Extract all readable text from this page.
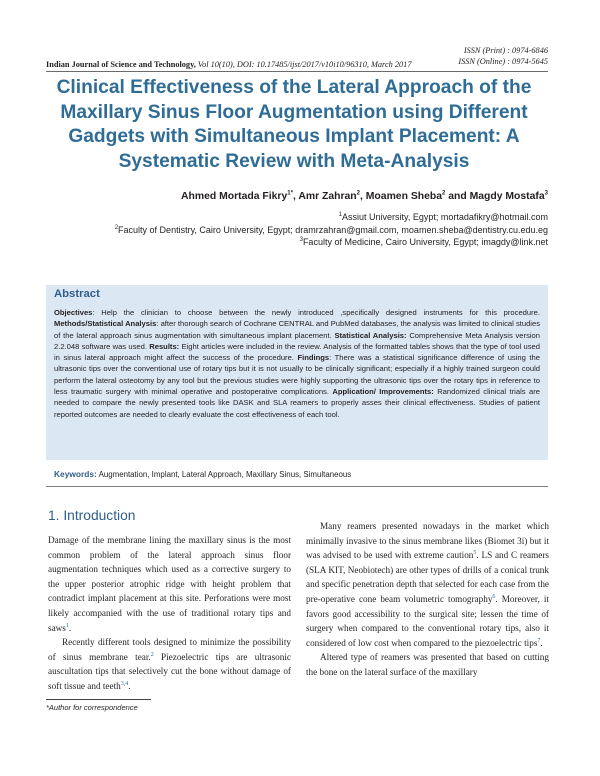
Indian Journal of Science and Technology, Vol 10(10), DOI: 10.17485/ijst/2017/v10i10/96310, March 2017
ISSN (Print) : 0974-6846
ISSN (Online) : 0974-5645
Clinical Effectiveness of the Lateral Approach of the Maxillary Sinus Floor Augmentation using Different Gadgets with Simultaneous Implant Placement: A Systematic Review with Meta-Analysis
Ahmed Mortada Fikry$^{1*}$, Amr Zahran$^2$, Moamen Sheba$^2$ and Magdy Mostafa$^3$
$^1$Assiut University, Egypt; mortadafikry@hotmail.com
$^2$Faculty of Dentistry, Cairo University, Egypt; dramrzahran@gmail.com, moamen.sheba@dentistry.cu.edu.eg
$^3$Faculty of Medicine, Cairo University, Egypt; imagdy@link.net
Abstract

Objectives: Help the clinician to choose between the newly introduced ,specifically designed instruments for this procedure. Methods/Statistical Analysis: after thorough search of Cochrane CENTRAL and PubMed databases, the analysis was limited to clinical studies of the lateral approach sinus augmentation with simultaneous implant placement. Statistical Analysis: Comprehensive Meta Analysis version 2.2.048 software was used. Results: Eight articles were included in the review. Analysis of the formatted tables shows that the type of tool used in sinus lateral approach might affect the success of the procedure. Findings: There was a statistical significance difference of using the ultrasonic tips over the conventional use of rotary tips but it is not usually to be clinically significant; especially if a highly trained surgeon could perform the lateral osteotomy by any tool but the previous studies were highly supporting the ultrasonic tips over the rotary tips in reference to less traumatic surgery with minimal operative and postoperative complications. Application/ Improvements: Randomized clinical trials are needed to compare the newly presented tools like DASK and SLA reamers to properly asses their clinical effectiveness. Studies of patient reported outcomes are needed to clearly evaluate the cost effectiveness of each tool.

Keywords: Augmentation, Implant, Lateral Approach, Maxillary Sinus, Simultaneous
1. Introduction

Damage of the membrane lining the maxillary sinus is the most common problem of the lateral approach sinus floor augmentation techniques which used as a corrective surgery to the upper posterior atrophic ridge with height problem that contradict implant placement at this site. Perforations were most likely accompanied with the use of traditional rotary tips and saws$^1$.

Recently different tools designed to minimize the possibility of sinus membrane tear.$^2$ Piezoelectric tips are ultrasonic auscultation tips that selectively cut the bone without damage of soft tissue and teeth$^{3,4}$.

Many reamers presented nowadays in the market which minimally invasive to the sinus membrane likes (Biomet 3i) but it was advised to be used with extreme caution$^5$. LS and C reamers (SLA KIT, Neobiotech) are other types of drills of a conical trunk and specific penetration depth that selected for each case from the pre-operative cone beam volumetric tomography$^6$. Moreover, it favors good accessibility to the surgical site; lessen the time of surgery when compared to the conventional rotary tips, also it considered of low cost when compared to the piezoelectric tips$^7$.

Altered type of reamers was presented that based on cutting the bone on the lateral surface of the maxillary

*Author for correspondence
